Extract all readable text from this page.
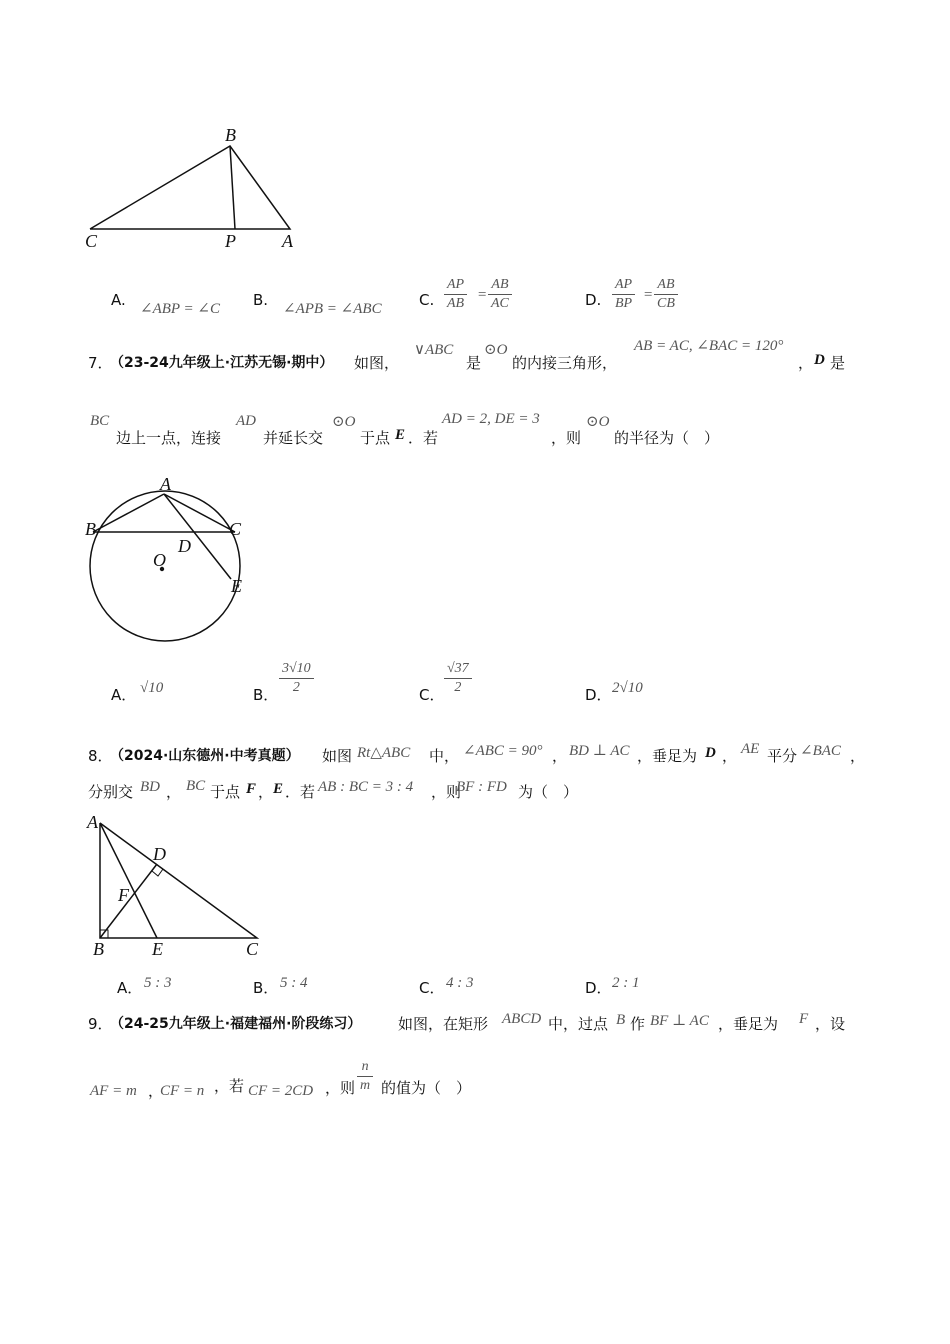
B
C	P	A
A. ∠ABP = ∠C B. ∠APB = ∠ABC C. $\frac{AP}{AB} = \frac{AB}{AC}$	D. $\frac{AP}{BP} = \frac{AB}{CB}$
7．
（23-24九年级上·江苏无锡·期中） 如图，
∨ABC
是
⊙O
的内接三角形，
AB = AC, ∠BAC = 120°
， D 是
BC
边上一点，连接
AD
并延长交
⊙O
于点 E ．若
AD = 2, DE = 3
，则
⊙O
的半径为（　）
A
B	C
D
O
E
A． √10	B． $\frac{3√10}{2}$	C． $\frac{√37}{2}$	D． 2√10
8．
（2024·山东德州·中考真题） 如图 Rt△ABC 中， ∠ABC = 90° ， BD ⊥ AC ，垂足为 D ， AE 平分 ∠BAC ，
分别交 BD ， BC 于点 F ， E ．若 AB : BC = 3 : 4 ，则
BF : FD 为（　）
A
D
F
B	E	C
A． 5 : 3	B． 5 : 4	C． 4 : 3	D． 2 : 1
9．
（24-25九年级上·福建福州·阶段练习） 如图，在矩形 ABCD 中，过点 B 作 BF ⊥ AC ，垂足为 F ，设
AF = m ，
CF = n ，若 CF = 2CD ，则 $\frac{n}{m}$ 的值为（　）
